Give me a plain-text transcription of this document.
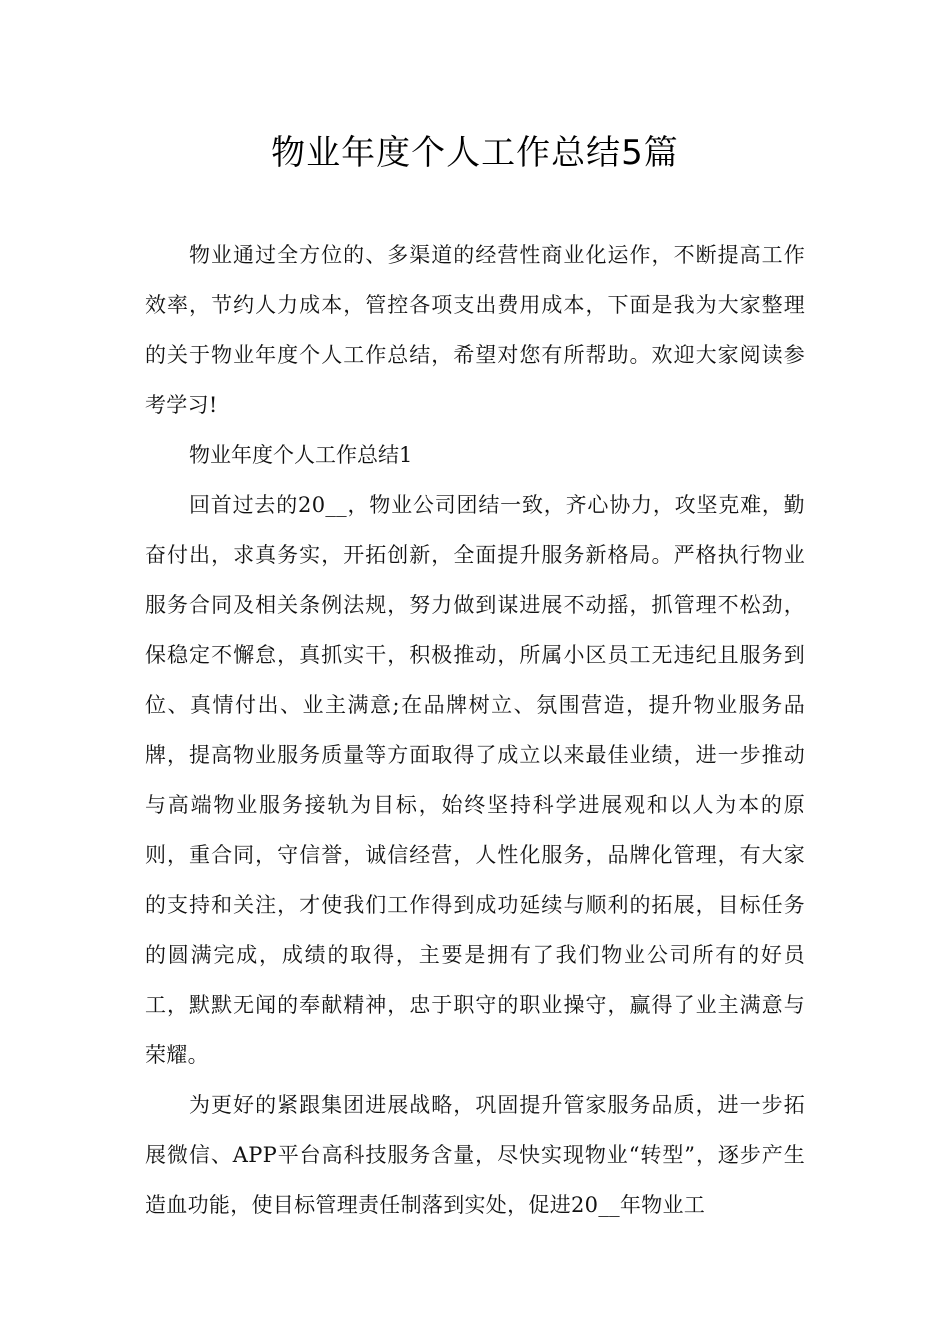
物业年度个人工作总结5篇

物业通过全方位的、多渠道的经营性商业化运作，不断提高工作效率，节约人力成本，管控各项支出费用成本，下面是我为大家整理的关于物业年度个人工作总结，希望对您有所帮助。欢迎大家阅读参考学习!

物业年度个人工作总结1

回首过去的20__，物业公司团结一致，齐心协力，攻坚克难，勤奋付出，求真务实，开拓创新，全面提升服务新格局。严格执行物业服务合同及相关条例法规，努力做到谋进展不动摇，抓管理不松劲，保稳定不懈怠，真抓实干，积极推动，所属小区员工无违纪且服务到位、真情付出、业主满意;在品牌树立、氛围营造，提升物业服务品牌，提高物业服务质量等方面取得了成立以来最佳业绩，进一步推动与高端物业服务接轨为目标，始终坚持科学进展观和以人为本的原则，重合同，守信誉，诚信经营，人性化服务，品牌化管理，有大家的支持和关注，才使我们工作得到成功延续与顺利的拓展，目标任务的圆满完成，成绩的取得，主要是拥有了我们物业公司所有的好员工，默默无闻的奉献精神，忠于职守的职业操守，赢得了业主满意与荣耀。

为更好的紧跟集团进展战略，巩固提升管家服务品质，进一步拓展微信、APP平台高科技服务含量，尽快实现物业“转型”，逐步产生造血功能，使目标管理责任制落到实处，促进20__年物业工
